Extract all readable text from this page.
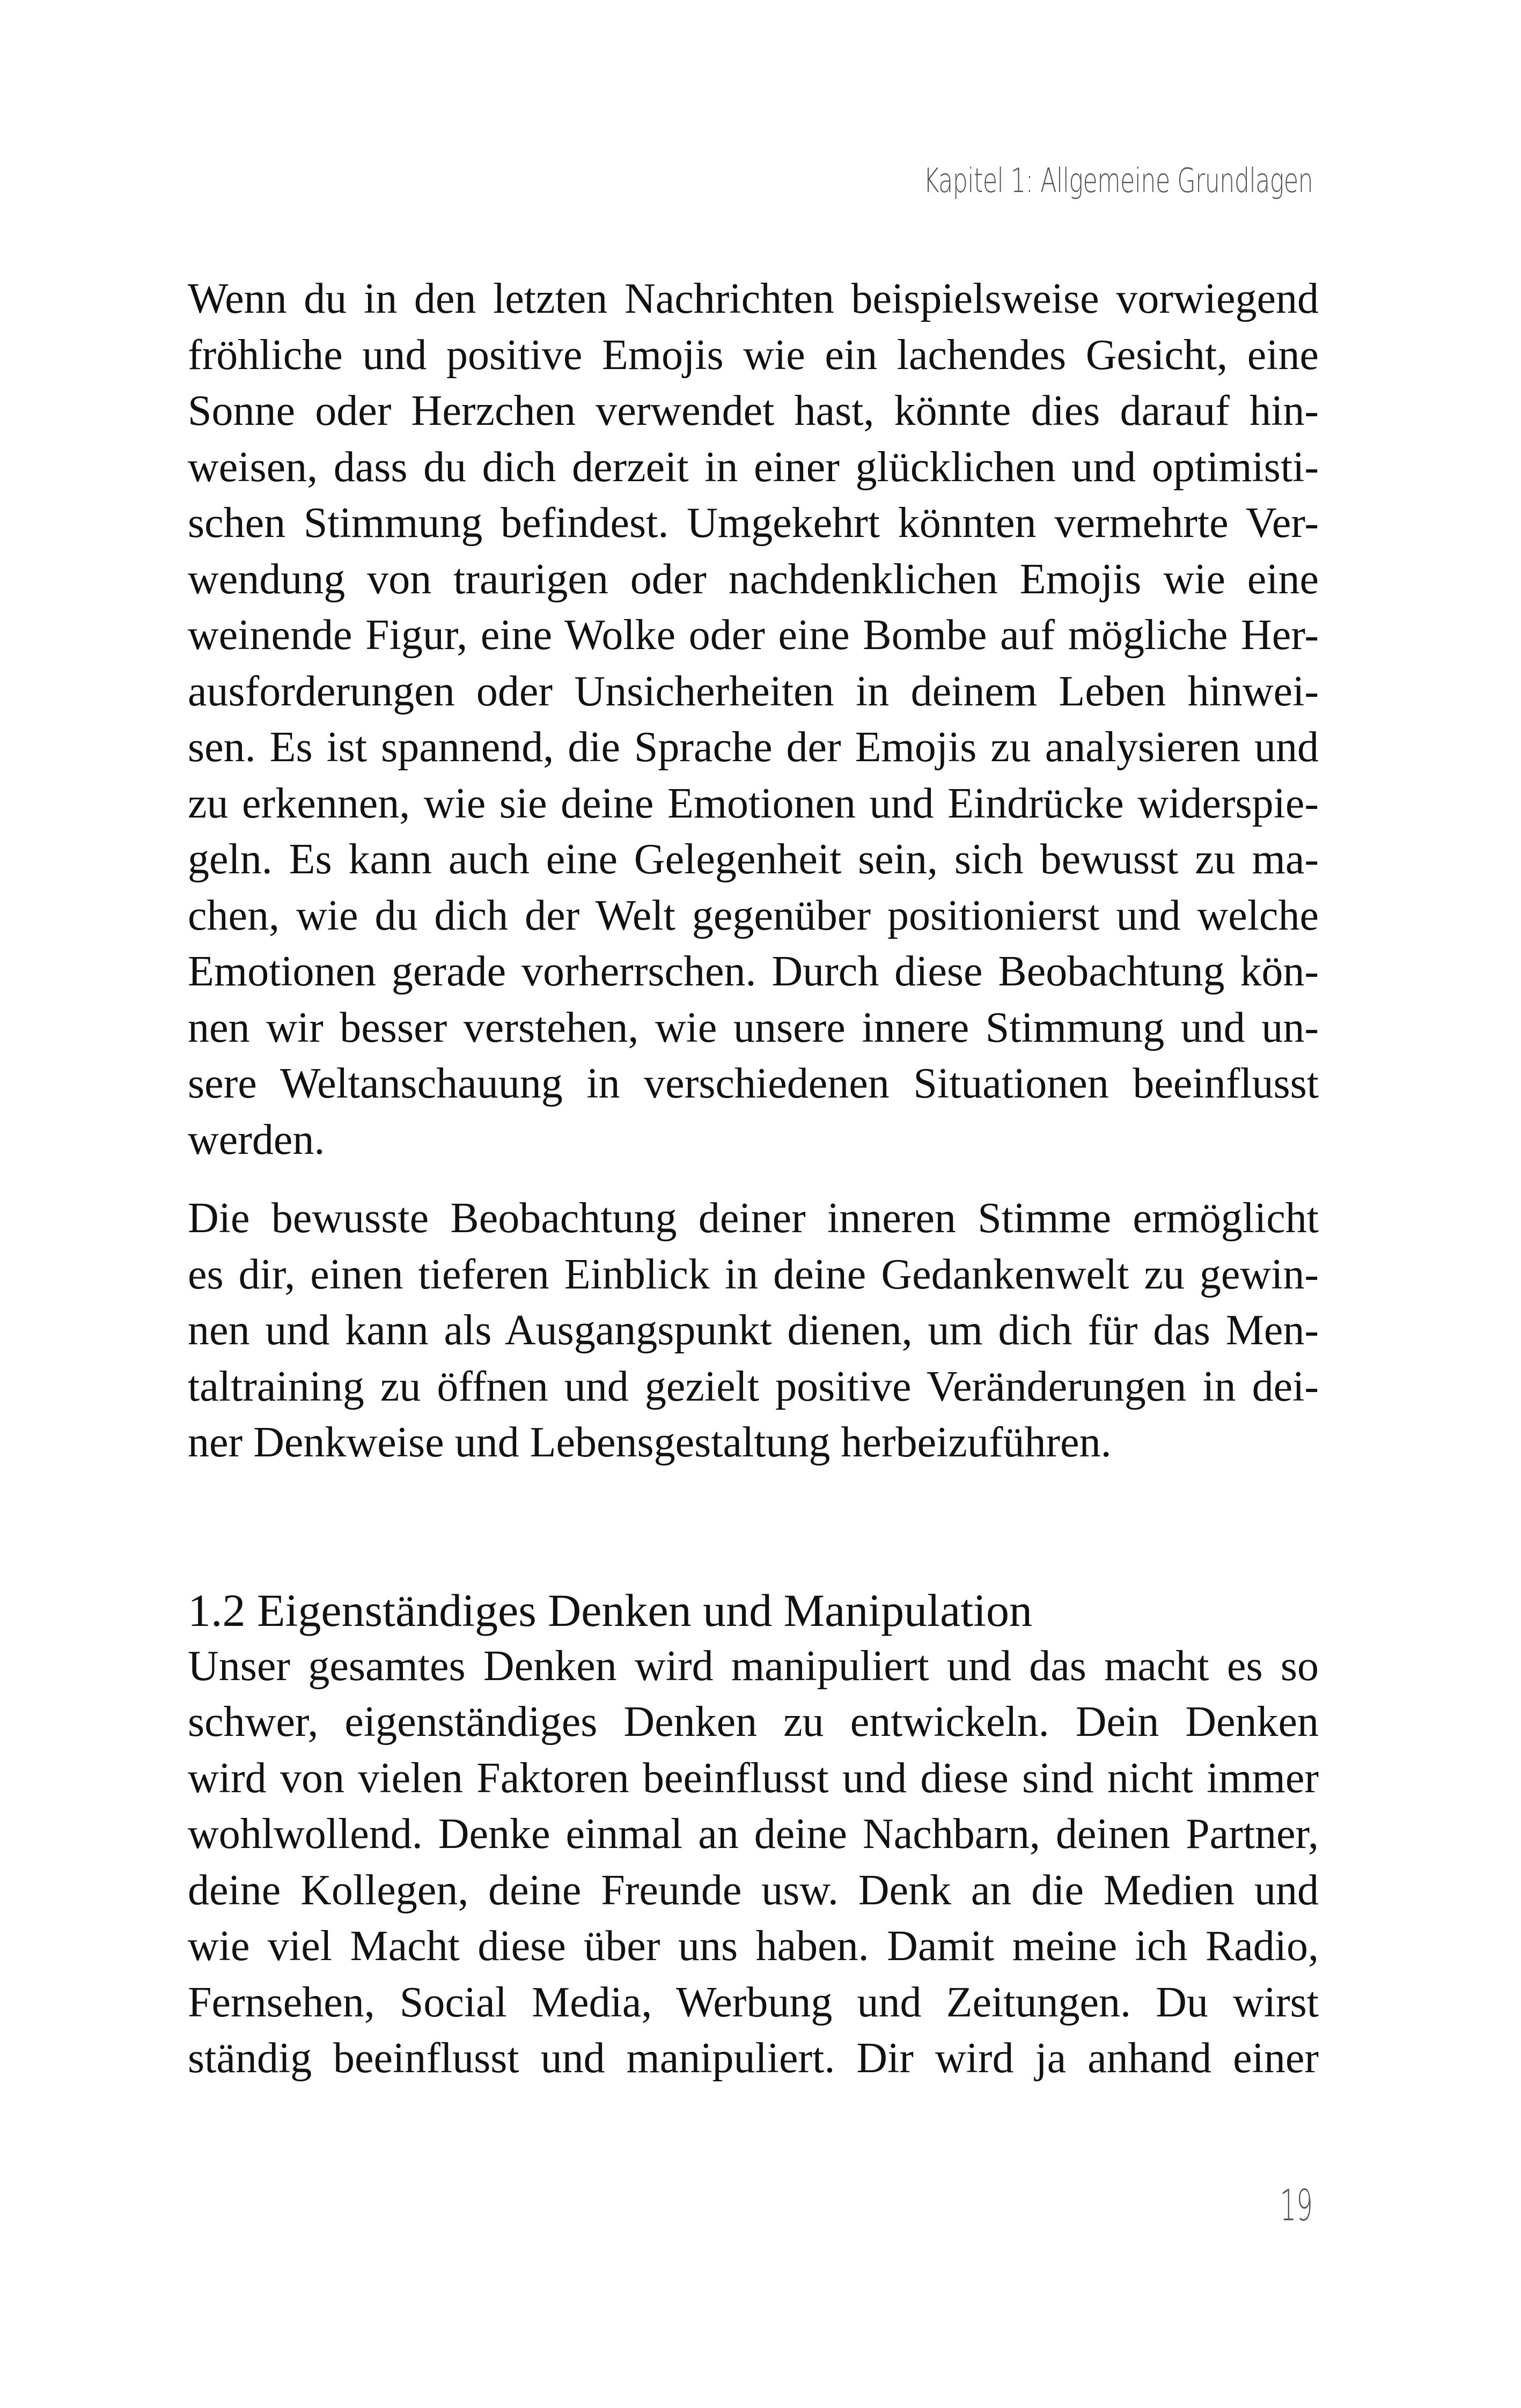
Kapitel 1: Allgemeine Grundlagen

Wenn du in den letzten Nachrichten beispielsweise vorwiegend
fröhliche und positive Emojis wie ein lachendes Gesicht, eine
Sonne oder Herzchen verwendet hast, könnte dies darauf hin-
weisen, dass du dich derzeit in einer glücklichen und optimisti-
schen Stimmung befindest. Umgekehrt könnten vermehrte Ver-
wendung von traurigen oder nachdenklichen Emojis wie eine
weinende Figur, eine Wolke oder eine Bombe auf mögliche Her-
ausforderungen oder Unsicherheiten in deinem Leben hinwei-
sen. Es ist spannend, die Sprache der Emojis zu analysieren und
zu erkennen, wie sie deine Emotionen und Eindrücke widerspie-
geln. Es kann auch eine Gelegenheit sein, sich bewusst zu ma-
chen, wie du dich der Welt gegenüber positionierst und welche
Emotionen gerade vorherrschen. Durch diese Beobachtung kön-
nen wir besser verstehen, wie unsere innere Stimmung und un-
sere Weltanschauung in verschiedenen Situationen beeinflusst
werden.

Die bewusste Beobachtung deiner inneren Stimme ermöglicht
es dir, einen tieferen Einblick in deine Gedankenwelt zu gewin-
nen und kann als Ausgangspunkt dienen, um dich für das Men-
taltraining zu öffnen und gezielt positive Veränderungen in dei-
ner Denkweise und Lebensgestaltung herbeizuführen.

1.2 Eigenständiges Denken und Manipulation

Unser gesamtes Denken wird manipuliert und das macht es so
schwer, eigenständiges Denken zu entwickeln. Dein Denken
wird von vielen Faktoren beeinflusst und diese sind nicht immer
wohlwollend. Denke einmal an deine Nachbarn, deinen Partner,
deine Kollegen, deine Freunde usw. Denk an die Medien und
wie viel Macht diese über uns haben. Damit meine ich Radio,
Fernsehen, Social Media, Werbung und Zeitungen. Du wirst
ständig beeinflusst und manipuliert. Dir wird ja anhand einer

19
